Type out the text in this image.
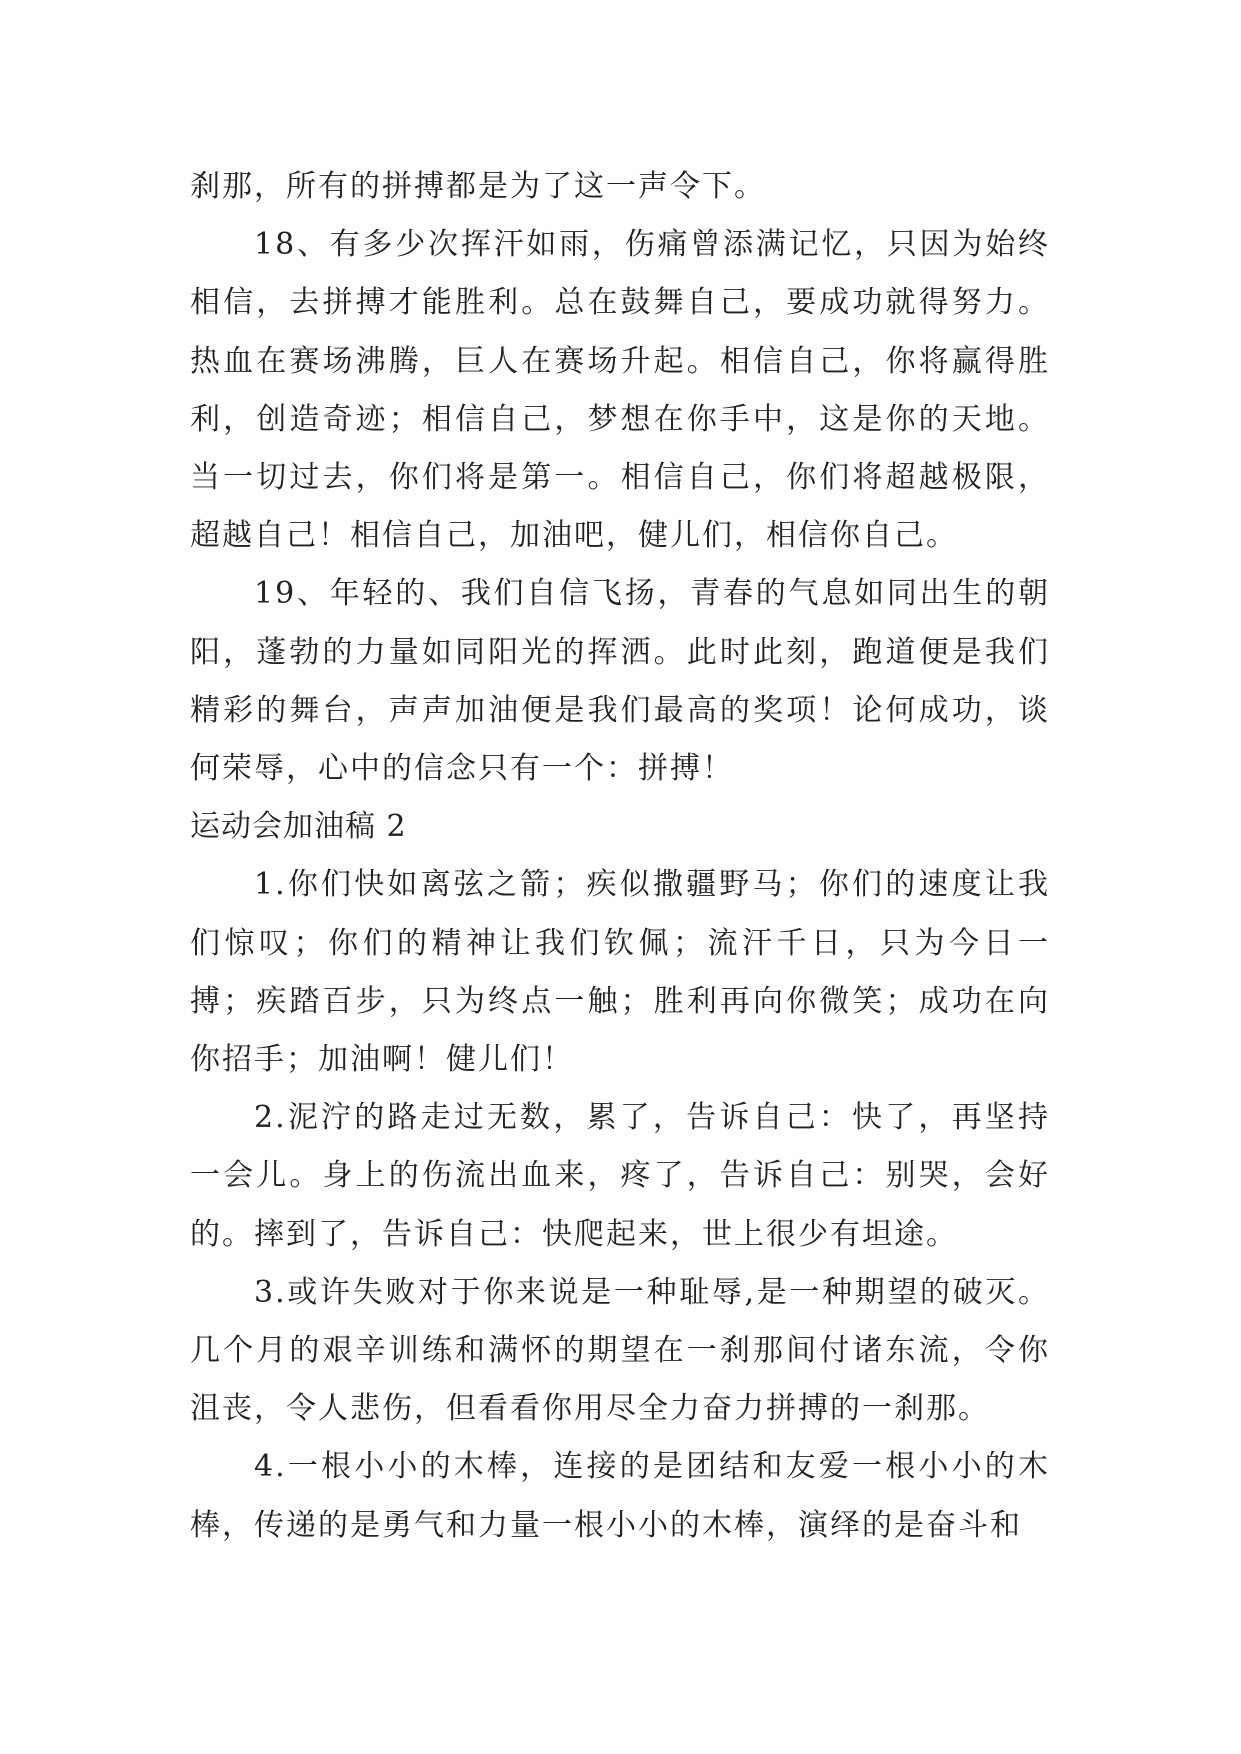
刹那，所有的拼搏都是为了这一声令下。

18、有多少次挥汗如雨，伤痛曾添满记忆，只因为始终相信，去拼搏才能胜利。总在鼓舞自己，要成功就得努力。热血在赛场沸腾，巨人在赛场升起。相信自己，你将赢得胜利，创造奇迹；相信自己，梦想在你手中，这是你的天地。当一切过去，你们将是第一。相信自己，你们将超越极限，超越自己！相信自己，加油吧，健儿们，相信你自己。

19、年轻的、我们自信飞扬，青春的气息如同出生的朝阳，蓬勃的力量如同阳光的挥洒。此时此刻，跑道便是我们精彩的舞台，声声加油便是我们最高的奖项！论何成功，谈何荣辱，心中的信念只有一个：拼搏！

运动会加油稿 2

1.你们快如离弦之箭；疾似撒疆野马；你们的速度让我们惊叹；你们的精神让我们钦佩；流汗千日，只为今日一搏；疾踏百步，只为终点一触；胜利再向你微笑；成功在向你招手；加油啊！健儿们！

2.泥泞的路走过无数，累了，告诉自己：快了，再坚持一会儿。身上的伤流出血来，疼了，告诉自己：别哭，会好的。摔到了，告诉自己：快爬起来，世上很少有坦途。

3.或许失败对于你来说是一种耻辱,是一种期望的破灭。几个月的艰辛训练和满怀的期望在一刹那间付诸东流，令你沮丧，令人悲伤，但看看你用尽全力奋力拼搏的一刹那。

4.一根小小的木棒，连接的是团结和友爱一根小小的木棒，传递的是勇气和力量一根小小的木棒，演绎的是奋斗和
